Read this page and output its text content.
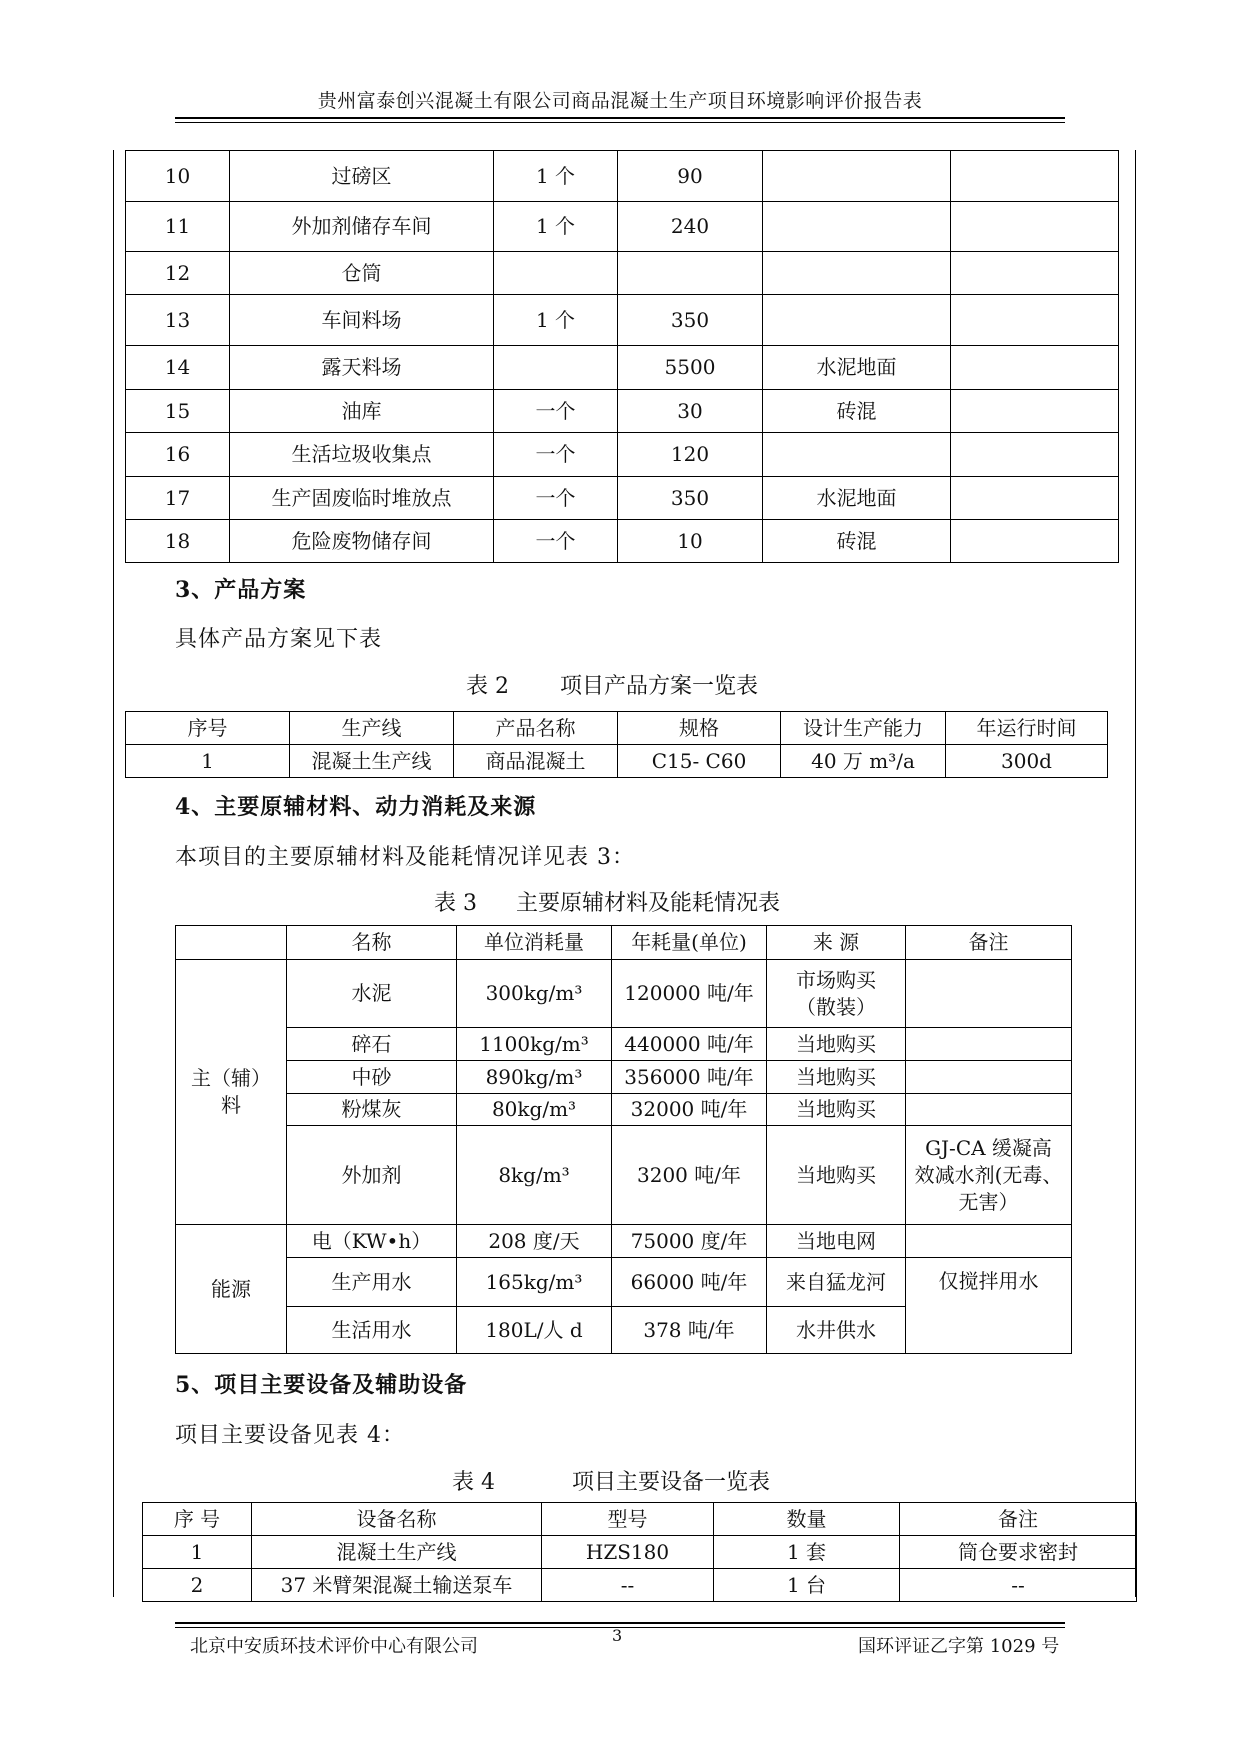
贵州富泰创兴混凝土有限公司商品混凝土生产项目环境影响评价报告表
10	过磅区	1 个	90		
11	外加剂储存车间	1 个	240		
12	仓筒				
13	车间料场	1 个	350		
14	露天料场		5500	水泥地面	
15	油库	一个	30	砖混	
16	生活垃圾收集点	一个	120		
17	生产固废临时堆放点	一个	350	水泥地面	
18	危险废物储存间	一个	10	砖混	
3、产品方案
具体产品方案见下表
表 2 项目产品方案一览表
序号	生产线	产品名称	规格	设计生产能力	年运行时间
1	混凝土生产线	商品混凝土	C15- C60	40 万 m³/a	300d
4、主要原辅材料、动力消耗及来源
本项目的主要原辅材料及能耗情况详见表 3：
表 3 主要原辅材料及能耗情况表
	名称	单位消耗量	年耗量(单位)	来 源	备注
主（辅）
料	水泥	300kg/m³	120000 吨/年	市场购买
（散装）	
	碎石	1100kg/m³	440000 吨/年	当地购买	
	中砂	890kg/m³	356000 吨/年	当地购买	
	粉煤灰	80kg/m³	32000 吨/年	当地购买	
	外加剂	8kg/m³	3200 吨/年	当地购买	GJ-CA 缓凝高
效减水剂(无毒、
无害）
能源	电（KW•h）	208 度/天	75000 度/年	当地电网	
	生产用水	165kg/m³	66000 吨/年	来自猛龙河	仅搅拌用水
	生活用水	180L/人 d	378 吨/年	水井供水	
5、项目主要设备及辅助设备
项目主要设备见表 4：
表 4	项目主要设备一览表
序 号	设备名称	型号	数量	备注
1	混凝土生产线	HZS180	1 套	筒仓要求密封
2	37 米臂架混凝土输送泵车	--	1 台	--
3
北京中安质环技术评价中心有限公司	国环评证乙字第 1029 号
